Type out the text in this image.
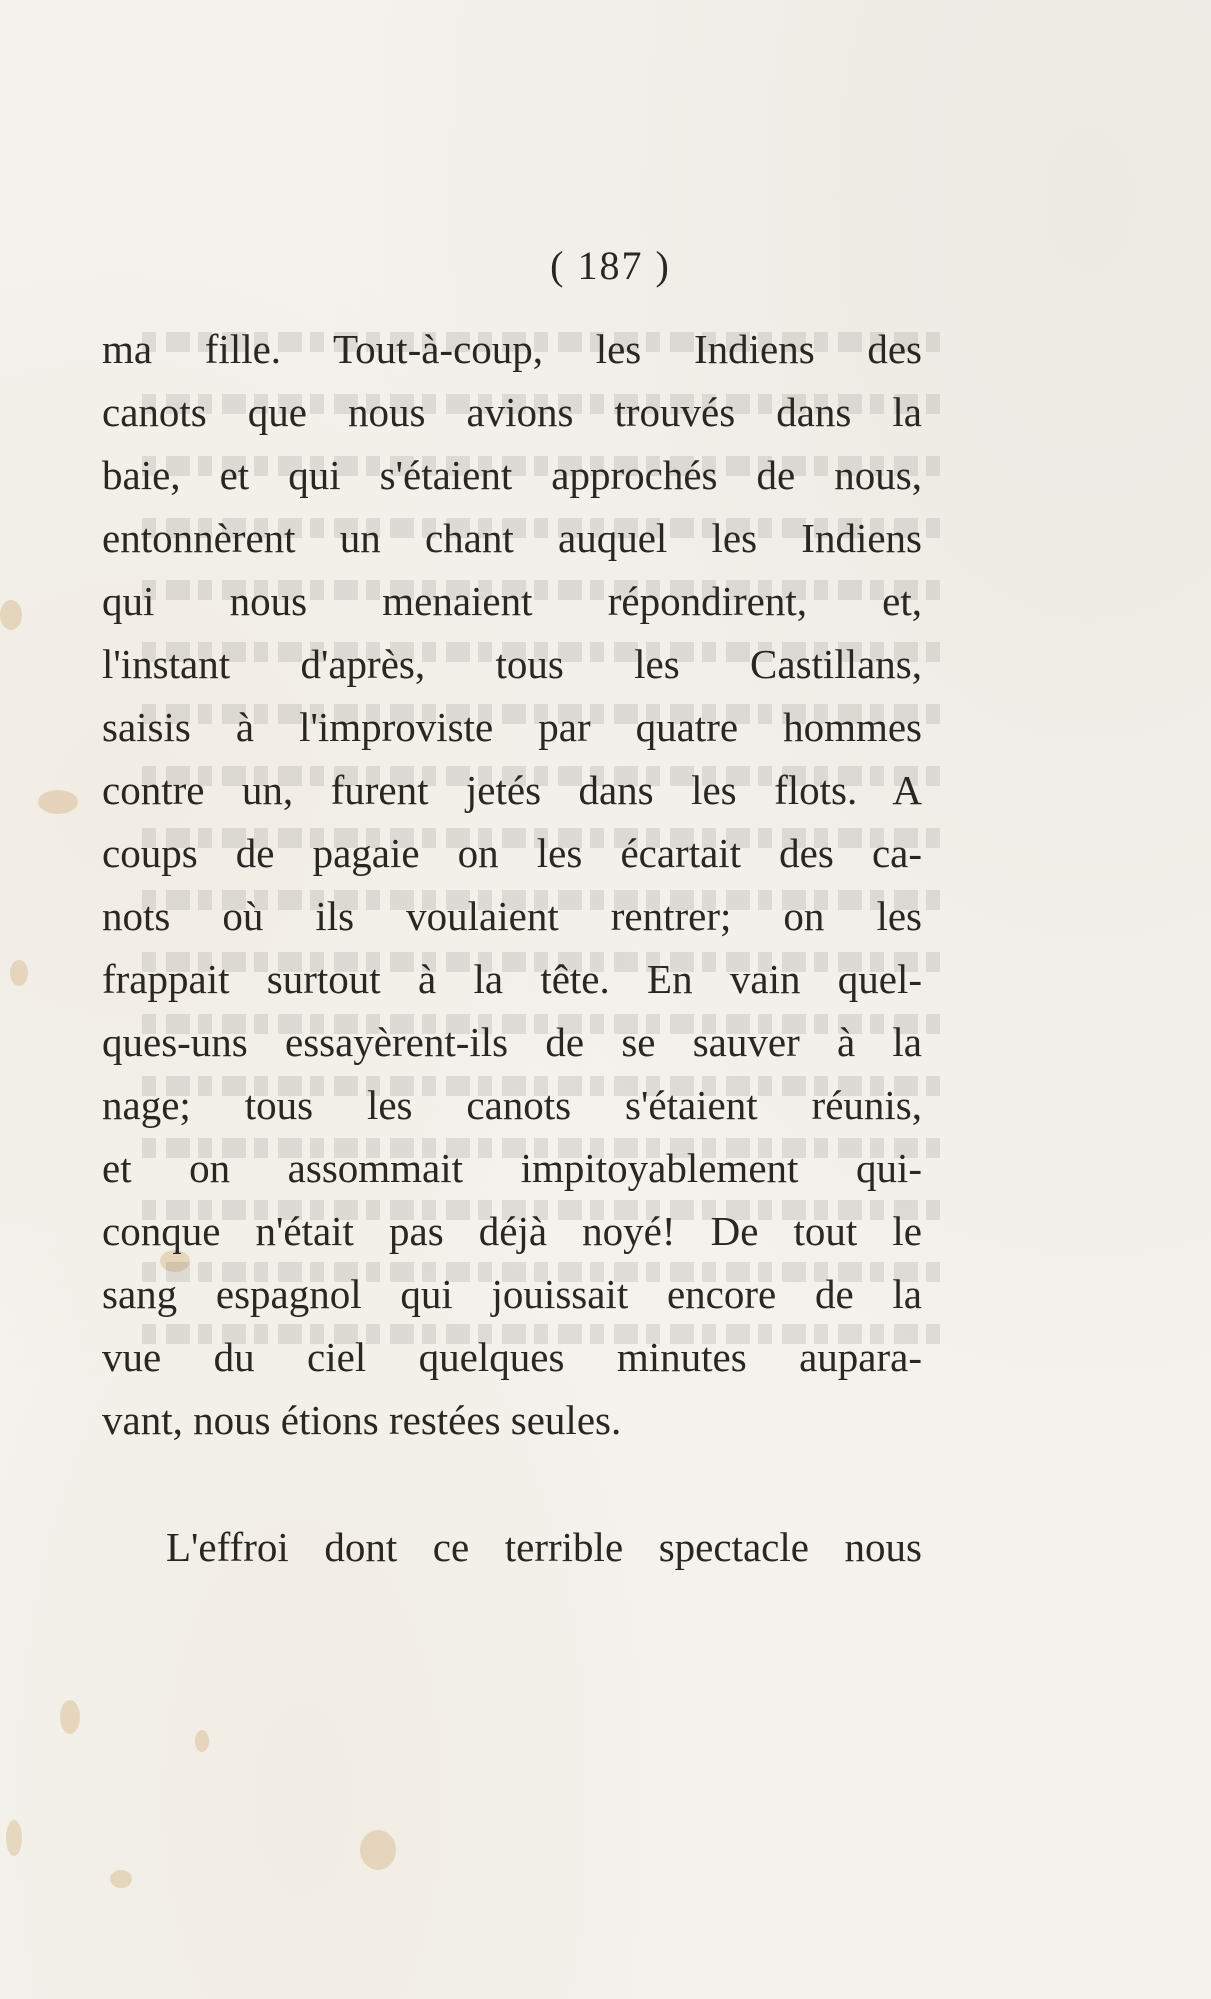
( 187 )
ma fille. Tout-à-coup, les Indiens des
canots que nous avions trouvés dans la
baie, et qui s'étaient approchés de nous,
entonnèrent un chant auquel les Indiens
qui nous menaient répondirent, et,
l'instant d'après, tous les Castillans,
saisis à l'improviste par quatre hommes
contre un, furent jetés dans les flots. A
coups de pagaie on les écartait des ca-
nots où ils voulaient rentrer; on les
frappait surtout à la tête. En vain quel-
ques-uns essayèrent-ils de se sauver à la
nage; tous les canots s'étaient réunis,
et on assommait impitoyablement qui-
conque n'était pas déjà noyé! De tout le
sang espagnol qui jouissait encore de la
vue du ciel quelques minutes aupara-
vant, nous étions restées seules.
L'effroi dont ce terrible spectacle nous
